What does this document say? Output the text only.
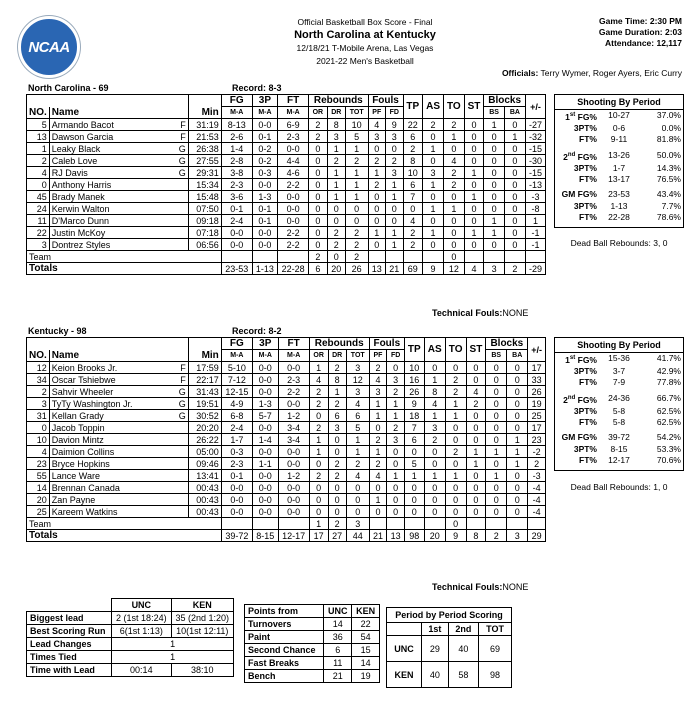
NCAA
Official Basketball Box Score - Final
North Carolina at Kentucky
12/18/21 T-Mobile Arena, Las Vegas
2021-22 Men's Basketball
Game Time: 2:30 PM
Game Duration: 2:03
Attendance: 12,117
Officials: Terry Wymer, Roger Ayers, Eric Curry
North Carolina - 69	Record: 8-3
				FG	3P	FT	Rebounds			Fouls		TP	AS	TO	ST	Blocks		+/-
NO.	Name		Min	M-A	M-A	M-A	OR	DR	TOT	PF	FD					BS	BA	
5	Armando Bacot	F	31:19	8-13	0-0	6-9	2	8	10	4	9	22	2	2	0	1	0	-27
13	Dawson Garcia	F	21:53	2-6	0-1	2-3	2	3	5	3	3	6	0	1	0	0	1	-32
1	Leaky Black	G	26:38	1-4	0-2	0-0	0	1	1	0	0	2	1	0	0	0	0	-15
2	Caleb Love	G	27:55	2-8	0-2	4-4	0	2	2	2	2	8	0	4	0	0	0	-30
4	RJ Davis	G	29:31	3-8	0-3	4-6	0	1	1	1	3	10	3	2	1	0	0	-15
0	Anthony Harris		15:34	2-3	0-0	2-2	0	1	1	2	1	6	1	2	0	0	0	-13
45	Brady Manek		15:48	3-6	1-3	0-0	0	1	1	0	1	7	0	0	1	0	0	-3
24	Kerwin Walton		07:50	0-1	0-1	0-0	0	0	0	0	0	0	1	1	0	0	0	-8
11	D'Marco Dunn		09:18	2-4	0-1	0-0	0	0	0	0	0	4	0	0	0	1	0	1
22	Justin McKoy		07:18	0-0	0-0	2-2	0	2	2	1	1	2	1	0	1	1	0	-1
3	Dontrez Styles		06:56	0-0	0-0	2-2	0	2	2	0	1	2	0	0	0	0	0	-1
Team							2	0	2					0				
Totals				23-53	1-13	22-28	6	20	26	13	21	69	9	12	4	3	2	-29
Technical Fouls:NONE
Shooting By Period
1st FG%	10-27	37.0%
3PT%	0-6	0.0%
FT%	9-11	81.8%
2nd FG%	13-26	50.0%
3PT%	1-7	14.3%
FT%	13-17	76.5%
GM FG%	23-53	43.4%
3PT%	1-13	7.7%
FT%	22-28	78.6%
Dead Ball Rebounds: 3, 0
Kentucky - 98	Record: 8-2
				FG	3P	FT	Rebounds			Fouls		TP	AS	TO	ST	Blocks		+/-
NO.	Name		Min	M-A	M-A	M-A	OR	DR	TOT	PF	FD					BS	BA	
12	Keion Brooks Jr.	F	17:59	5-10	0-0	0-0	1	2	3	2	0	10	0	0	0	0	0	17
34	Oscar Tshiebwe	F	22:17	7-12	0-0	2-3	4	8	12	4	3	16	1	2	0	0	0	33
2	Sahvir Wheeler	G	31:43	12-15	0-0	2-2	2	1	3	3	2	26	8	2	4	0	0	26
3	TyTy Washington Jr.	G	19:51	4-9	1-3	0-0	2	2	4	1	1	9	4	1	2	0	0	19
31	Kellan Grady	G	30:52	6-8	5-7	1-2	0	6	6	1	1	18	1	1	0	0	0	25
0	Jacob Toppin		20:20	2-4	0-0	3-4	2	3	5	0	2	7	3	0	0	0	0	17
10	Davion Mintz		26:22	1-7	1-4	3-4	1	0	1	2	3	6	2	0	0	0	1	23
4	Daimion Collins		05:00	0-3	0-0	0-0	1	0	1	1	0	0	0	2	1	1	1	-2
23	Bryce Hopkins		09:46	2-3	1-1	0-0	0	2	2	2	0	5	0	0	1	0	1	2
55	Lance Ware		13:41	0-1	0-0	1-2	2	2	4	4	1	1	1	1	0	1	0	-3
14	Brennan Canada		00:43	0-0	0-0	0-0	0	0	0	0	0	0	0	0	0	0	0	-4
20	Zan Payne		00:43	0-0	0-0	0-0	0	0	0	1	0	0	0	0	0	0	0	-4
25	Kareem Watkins		00:43	0-0	0-0	0-0	0	0	0	0	0	0	0	0	0	0	0	-4
Team							1	2	3					0				
Totals				39-72	8-15	12-17	17	27	44	21	13	98	20	9	8	2	3	29
Technical Fouls:NONE
Shooting By Period
1st FG%	15-36	41.7%
3PT%	3-7	42.9%
FT%	7-9	77.8%
2nd FG%	24-36	66.7%
3PT%	5-8	62.5%
FT%	5-8	62.5%
GM FG%	39-72	54.2%
3PT%	8-15	53.3%
FT%	12-17	70.6%
Dead Ball Rebounds: 1, 0
	UNC	KEN
Biggest lead	2 (1st 18:24)	35 (2nd 1:20)
Best Scoring Run	6(1st 1:13)	10(1st 12:11)
Lead Changes	1	
Times Tied	1	
Time with Lead	00:14	38:10
Points from	UNC	KEN
Turnovers	14	22
Paint	36	54
Second Chance	6	15
Fast Breaks	11	14
Bench	21	19
Period by Period Scoring			
	1st	2nd	TOT
UNC	29	40	69
KEN	40	58	98
